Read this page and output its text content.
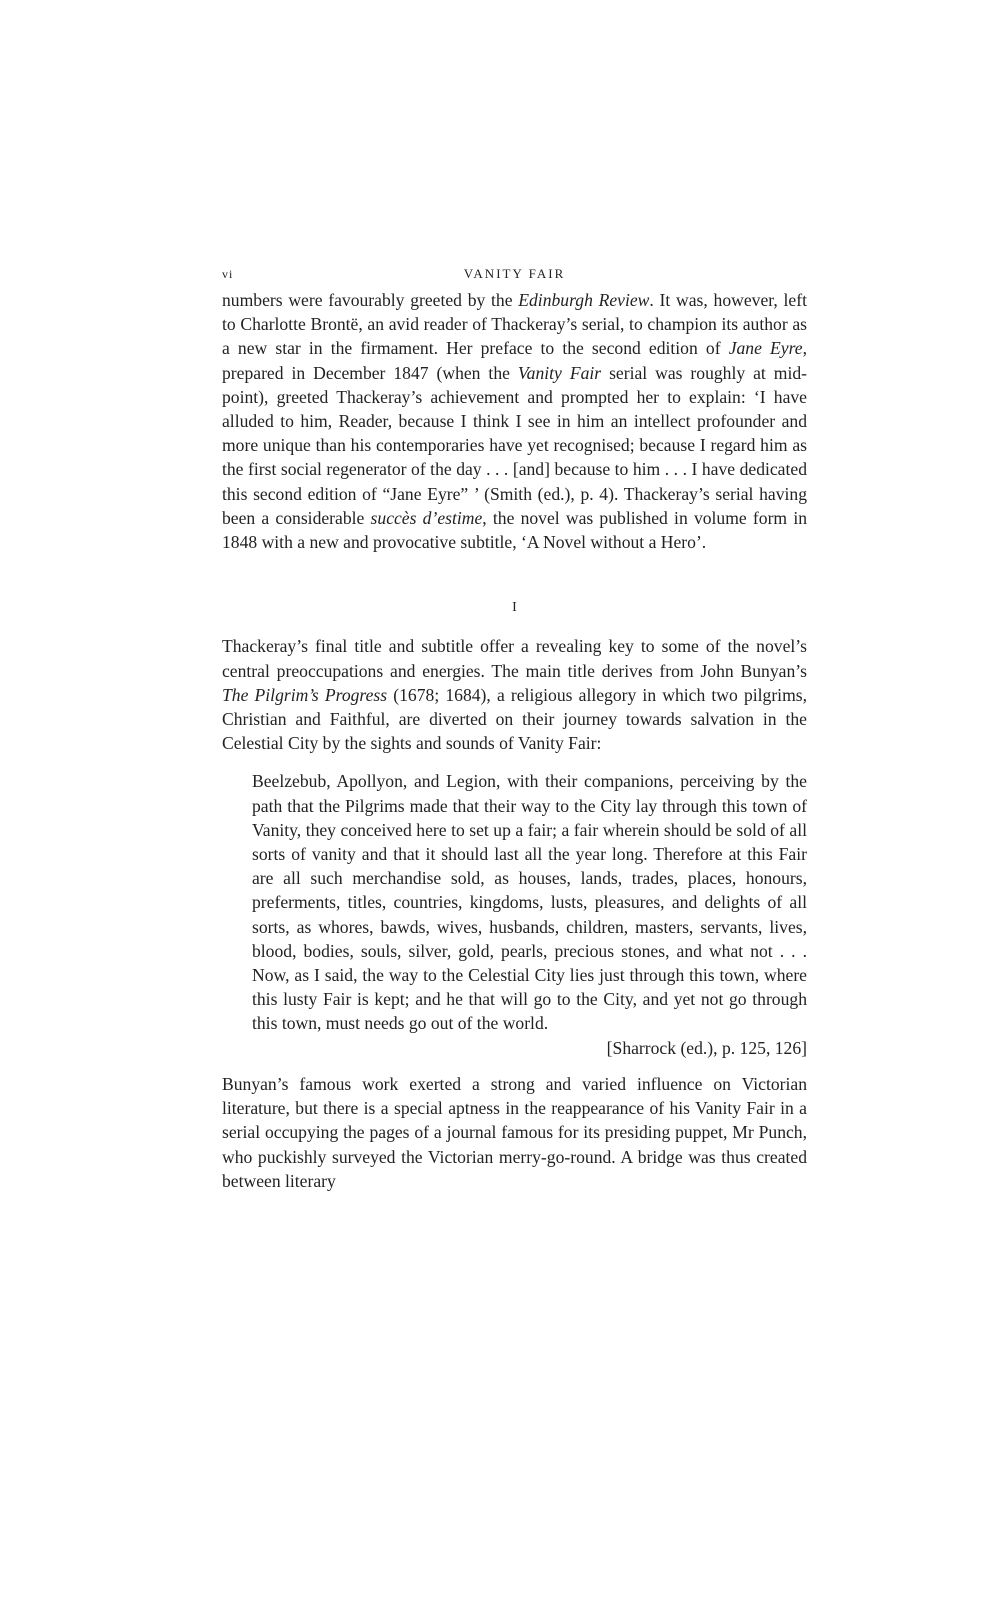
vi	VANITY FAIR

numbers were favourably greeted by the Edinburgh Review. It was, however, left to Charlotte Brontë, an avid reader of Thackeray’s serial, to champion its author as a new star in the firmament. Her preface to the second edition of Jane Eyre, prepared in December 1847 (when the Vanity Fair serial was roughly at mid-point), greeted Thackeray’s achievement and prompted her to explain: ‘I have alluded to him, Reader, because I think I see in him an intellect profounder and more unique than his contemporaries have yet recognised; because I regard him as the first social regenerator of the day . . . [and] because to him . . . I have dedicated this second edition of “Jane Eyre” ’ (Smith (ed.), p. 4). Thackeray’s serial having been a considerable succès d’estime, the novel was published in volume form in 1848 with a new and provocative subtitle, ‘A Novel without a Hero’.

I

Thackeray’s final title and subtitle offer a revealing key to some of the novel’s central preoccupations and energies. The main title derives from John Bunyan’s The Pilgrim’s Progress (1678; 1684), a religious allegory in which two pilgrims, Christian and Faithful, are diverted on their journey towards salvation in the Celestial City by the sights and sounds of Vanity Fair:

Beelzebub, Apollyon, and Legion, with their companions, perceiving by the path that the Pilgrims made that their way to the City lay through this town of Vanity, they conceived here to set up a fair; a fair wherein should be sold of all sorts of vanity and that it should last all the year long. Therefore at this Fair are all such merchandise sold, as houses, lands, trades, places, honours, preferments, titles, countries, kingdoms, lusts, pleasures, and delights of all sorts, as whores, bawds, wives, husbands, children, masters, servants, lives, blood, bodies, souls, silver, gold, pearls, precious stones, and what not . . . Now, as I said, the way to the Celestial City lies just through this town, where this lusty Fair is kept; and he that will go to the City, and yet not go through this town, must needs go out of the world.

[Sharrock (ed.), p. 125, 126]

Bunyan’s famous work exerted a strong and varied influence on Victorian literature, but there is a special aptness in the reappearance of his Vanity Fair in a serial occupying the pages of a journal famous for its presiding puppet, Mr Punch, who puckishly surveyed the Victorian merry-go-round. A bridge was thus created between literary
